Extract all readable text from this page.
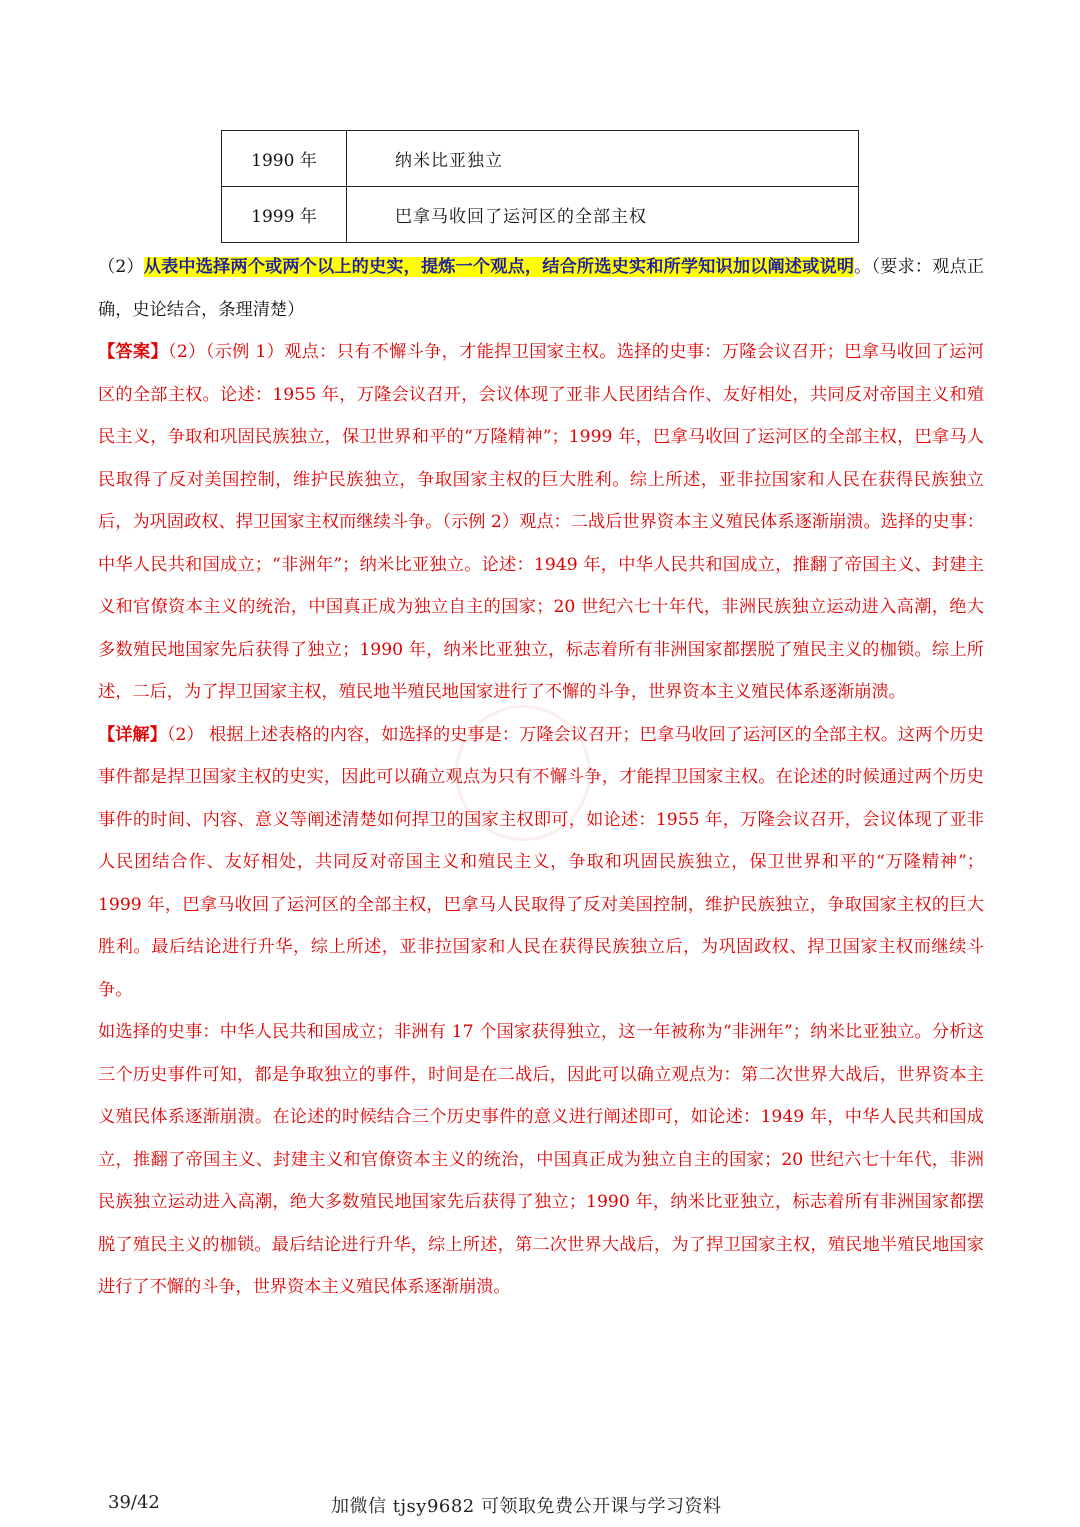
1990 年	纳米比亚独立
1999 年	巴拿马收回了运河区的全部主权

（2）从表中选择两个或两个以上的史实，提炼一个观点，结合所选史实和所学知识加以阐述或说明。（要求：观点正确，史论结合，条理清楚）

【答案】（2）（示例 1）观点：只有不懈斗争，才能捍卫国家主权。选择的史事：万隆会议召开；巴拿马收回了运河区的全部主权。论述：1955 年，万隆会议召开，会议体现了亚非人民团结合作、友好相处，共同反对帝国主义和殖民主义，争取和巩固民族独立，保卫世界和平的“万隆精神”；1999 年，巴拿马收回了运河区的全部主权，巴拿马人民取得了反对美国控制，维护民族独立，争取国家主权的巨大胜利。综上所述，亚非拉国家和人民在获得民族独立后，为巩固政权、捍卫国家主权而继续斗争。（示例 2）观点：二战后世界资本主义殖民体系逐渐崩溃。选择的史事：中华人民共和国成立；“非洲年”；纳米比亚独立。论述：1949 年，中华人民共和国成立，推翻了帝国主义、封建主义和官僚资本主义的统治，中国真正成为独立自主的国家；20 世纪六七十年代，非洲民族独立运动进入高潮，绝大多数殖民地国家先后获得了独立；1990 年，纳米比亚独立，标志着所有非洲国家都摆脱了殖民主义的枷锁。综上所述，二后，为了捍卫国家主权，殖民地半殖民地国家进行了不懈的斗争，世界资本主义殖民体系逐渐崩溃。

【详解】（2） 根据上述表格的内容，如选择的史事是：万隆会议召开；巴拿马收回了运河区的全部主权。这两个历史事件都是捍卫国家主权的史实，因此可以确立观点为只有不懈斗争，才能捍卫国家主权。在论述的时候通过两个历史事件的时间、内容、意义等阐述清楚如何捍卫的国家主权即可，如论述：1955 年，万隆会议召开，会议体现了亚非人民团结合作、友好相处，共同反对帝国主义和殖民主义，争取和巩固民族独立，保卫世界和平的“万隆精神”；1999 年，巴拿马收回了运河区的全部主权，巴拿马人民取得了反对美国控制，维护民族独立，争取国家主权的巨大胜利。最后结论进行升华，综上所述，亚非拉国家和人民在获得民族独立后，为巩固政权、捍卫国家主权而继续斗争。

如选择的史事：中华人民共和国成立；非洲有 17 个国家获得独立，这一年被称为“非洲年”；纳米比亚独立。分析这三个历史事件可知，都是争取独立的事件，时间是在二战后，因此可以确立观点为：第二次世界大战后，世界资本主义殖民体系逐渐崩溃。在论述的时候结合三个历史事件的意义进行阐述即可，如论述：1949 年，中华人民共和国成立，推翻了帝国主义、封建主义和官僚资本主义的统治，中国真正成为独立自主的国家；20 世纪六七十年代，非洲民族独立运动进入高潮，绝大多数殖民地国家先后获得了独立；1990 年，纳米比亚独立，标志着所有非洲国家都摆脱了殖民主义的枷锁。最后结论进行升华，综上所述，第二次世界大战后，为了捍卫国家主权，殖民地半殖民地国家进行了不懈的斗争，世界资本主义殖民体系逐渐崩溃。

39/42	加微信 tjsy9682 可领取免费公开课与学习资料
